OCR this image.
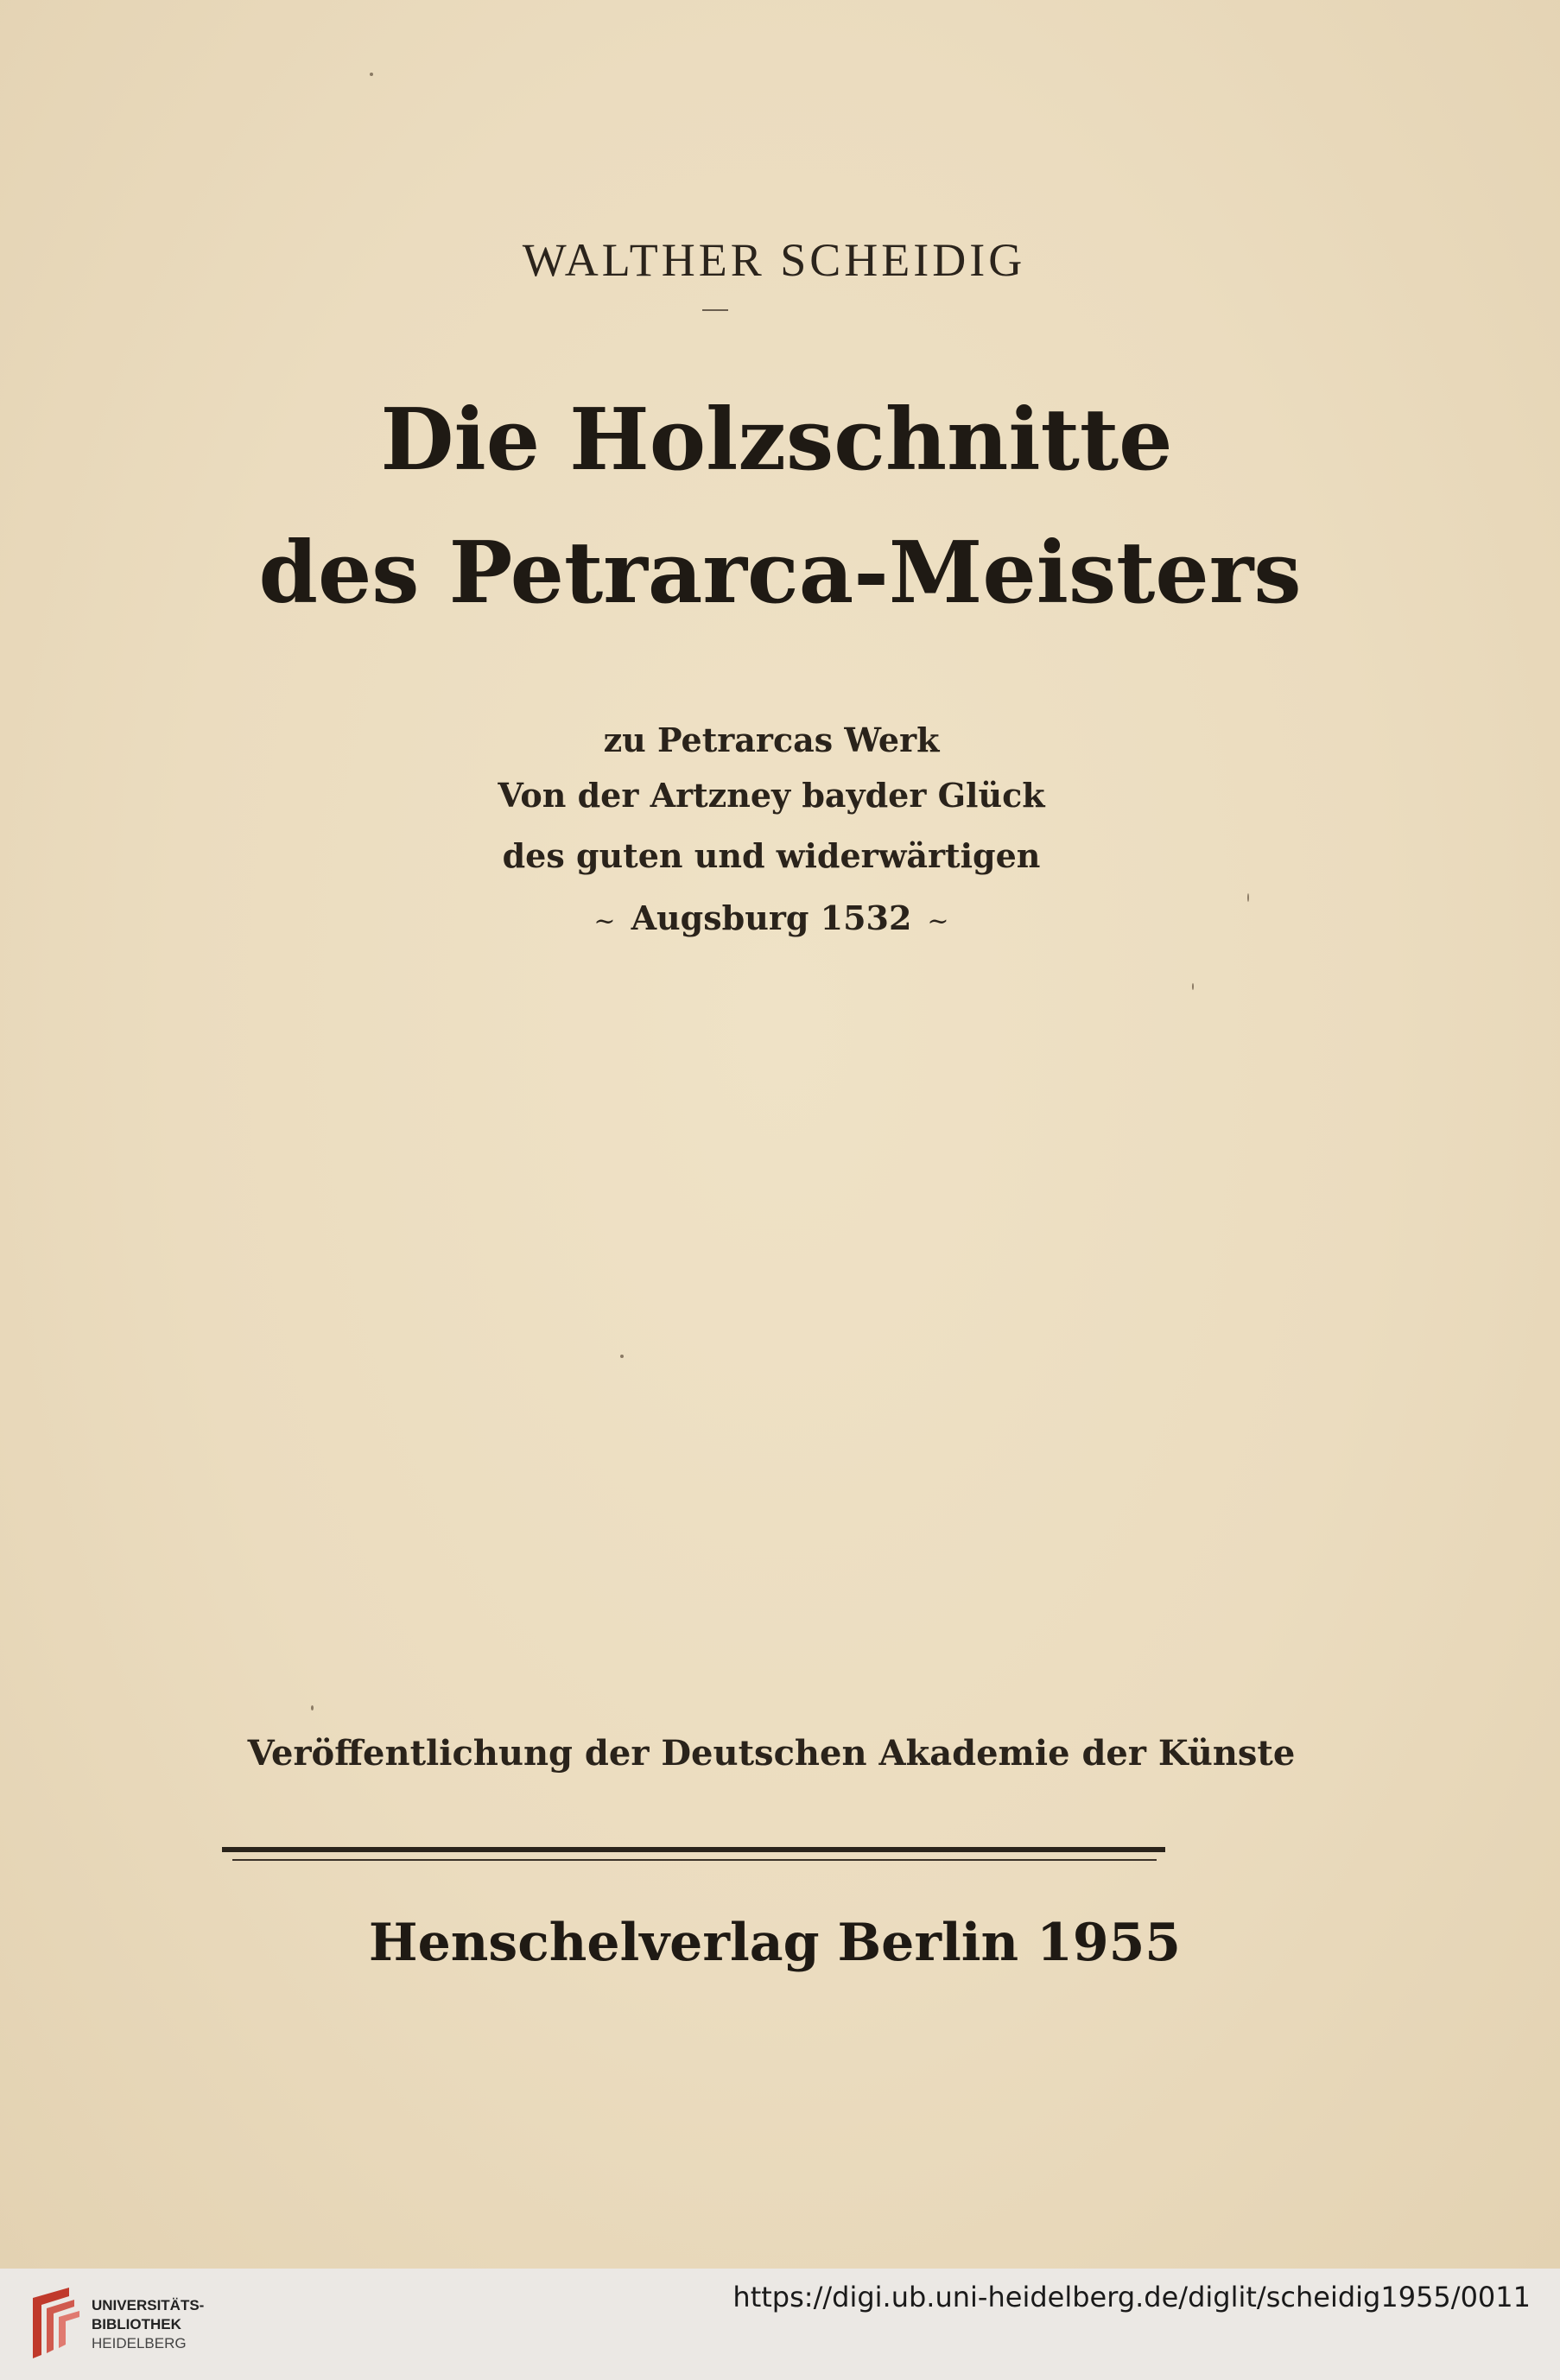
WALTHER SCHEIDIG
Die Holzschnitte
des Petrarca-Meisters
zu Petrarcas Werk
Von der Artzney bayder Glück
des guten und widerwärtigen
~ Augsburg 1532 ~
Veröffentlichung der Deutschen Akademie der Künste
Henschelverlag Berlin 1955
UNIVERSITÄTS-
BIBLIOTHEK
HEIDELBERG
https://digi.ub.uni-heidelberg.de/diglit/scheidig1955/0011
